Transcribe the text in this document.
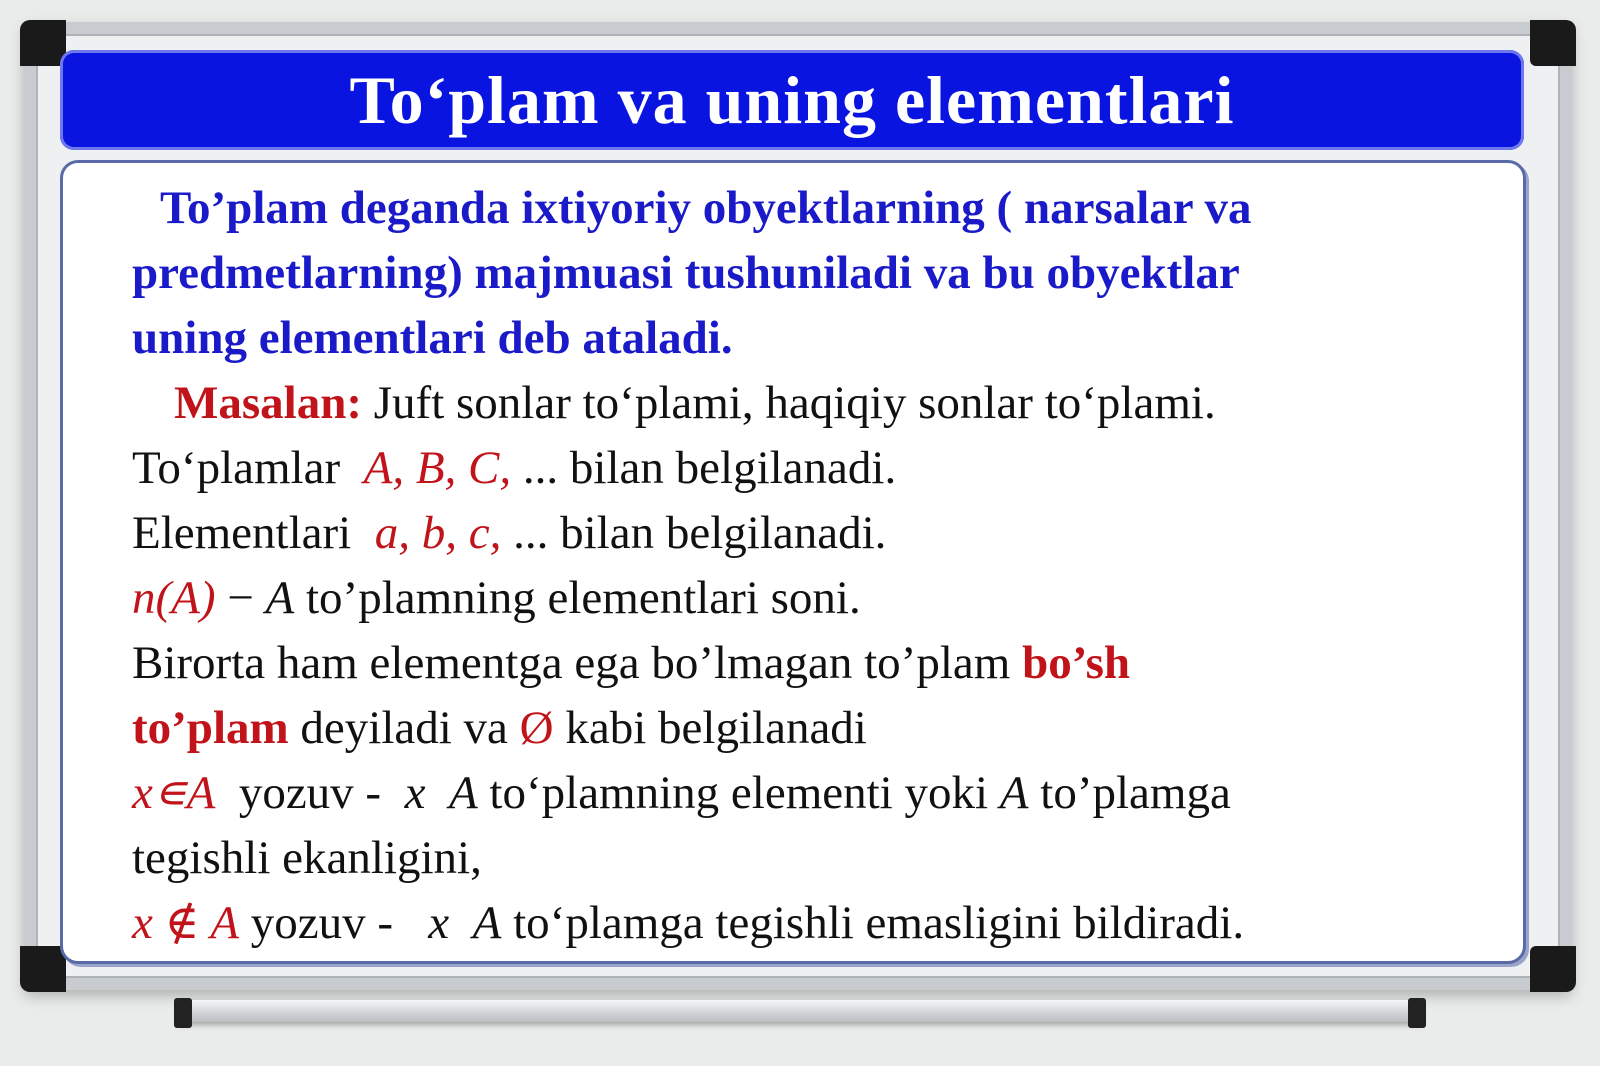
To‘plam va uning elementlari
To’plam deganda ixtiyoriy obyektlarning ( narsalar va
predmetlarning) majmuasi tushuniladi va bu obyektlar
uning elementlari deb ataladi.
Masalan: Juft sonlar to‘plami, haqiqiy sonlar to‘plami.
To‘plamlar  A, B, C, ... bilan belgilanadi.
Elementlari  a, b, c, ... bilan belgilanadi.
n(A) − A to’plamning elementlari soni.
Birorta ham elementga ega bo’lmagan to’plam bo’sh
to’plam deyiladi va Ø kabi belgilanadi
x∊A  yozuv -  x A to‘plamning elementi yoki A to’plamga
tegishli ekanligini,
x ∉ A yozuv -   x A to‘plamga tegishli emasligini bildiradi.
